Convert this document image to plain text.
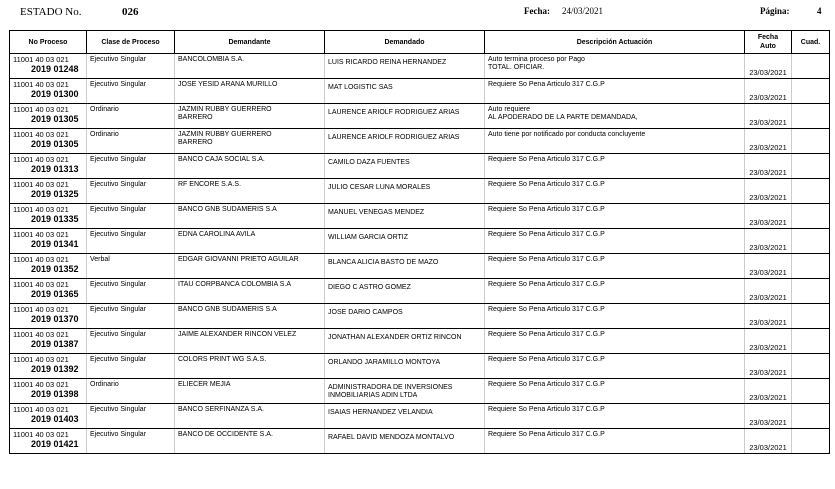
ESTADO No.	026	Fecha: 24/03/2021	Página:	4
No Proceso	Clase de Proceso	Demandante	Demandado	Descripción Actuación	Fecha
Auto	Cuad.

11001 40 03 021
2019 01248	Ejecutivo Singular	BANCOLOMBIA S.A.	LUIS RICARDO REINA HERNANDEZ	Auto termina proceso por Pago
TOTAL. OFICIAR.	23/03/2021	

11001 40 03 021
2019 01300	Ejecutivo Singular	JOSE YESID ARANA MURILLO	MAT LOGISTIC SAS	Requiere So Pena Articulo 317 C.G.P	23/03/2021	

11001 40 03 021
2019 01305	Ordinario	JAZMIN RUBBY GUERRERO
BARRERO	LAURENCE ARIOLF RODRIGUEZ ARIAS	Auto requiere
AL APODERADO DE LA PARTE DEMANDADA,	23/03/2021	

11001 40 03 021
2019 01305	Ordinario	JAZMIN RUBBY GUERRERO
BARRERO	LAURENCE ARIOLF RODRIGUEZ ARIAS	Auto tiene por notificado por conducta concluyente	23/03/2021	

11001 40 03 021
2019 01313	Ejecutivo Singular	BANCO CAJA SOCIAL S.A.	CAMILO DAZA FUENTES	Requiere So Pena Articulo 317 C.G.P	23/03/2021	

11001 40 03 021
2019 01325	Ejecutivo Singular	RF ENCORE S.A.S.	JULIO CESAR LUNA MORALES	Requiere So Pena Articulo 317 C.G.P	23/03/2021	

11001 40 03 021
2019 01335	Ejecutivo Singular	BANCO GNB SUDAMERIS S.A	MANUEL VENEGAS MENDEZ	Requiere So Pena Articulo 317 C.G.P	23/03/2021	

11001 40 03 021
2019 01341	Ejecutivo Singular	EDNA CAROLINA AVILA	WILLIAM GARCIA ORTIZ	Requiere So Pena Articulo 317 C.G.P	23/03/2021	

11001 40 03 021
2019 01352	Verbal	EDGAR GIOVANNI PRIETO AGUILAR	BLANCA ALICIA BASTO DE MAZO	Requiere So Pena Articulo 317 C.G.P	23/03/2021	

11001 40 03 021
2019 01365	Ejecutivo Singular	ITAU CORPBANCA COLOMBIA S.A	DIEGO C ASTRO GOMEZ	Requiere So Pena Articulo 317 C.G.P	23/03/2021	

11001 40 03 021
2019 01370	Ejecutivo Singular	BANCO GNB SUDAMERIS S.A	JOSE DARIO CAMPOS	Requiere So Pena Articulo 317 C.G.P	23/03/2021	

11001 40 03 021
2019 01387	Ejecutivo Singular	JAIME ALEXANDER RINCON VELEZ	JONATHAN ALEXANDER ORTIZ RINCON	Requiere So Pena Articulo 317 C.G.P	23/03/2021	

11001 40 03 021
2019 01392	Ejecutivo Singular	COLORS PRINT WG S.A.S.	ORLANDO JARAMILLO MONTOYA	Requiere So Pena Articulo 317 C.G.P	23/03/2021	

11001 40 03 021
2019 01398	Ordinario	ELIECER MEJIA	ADMINISTRADORA DE INVERSIONES
INMOBILIARIAS ADIN LTDA	Requiere So Pena Articulo 317 C.G.P	23/03/2021	

11001 40 03 021
2019 01403	Ejecutivo Singular	BANCO SERFINANZA S.A.	ISAIAS HERNANDEZ VELANDIA	Requiere So Pena Articulo 317 C.G.P	23/03/2021	

11001 40 03 021
2019 01421	Ejecutivo Singular	BANCO DE OCCIDENTE S.A.	RAFAEL DAVID MENDOZA MONTALVO	Requiere So Pena Articulo 317 C.G.P	23/03/2021	
